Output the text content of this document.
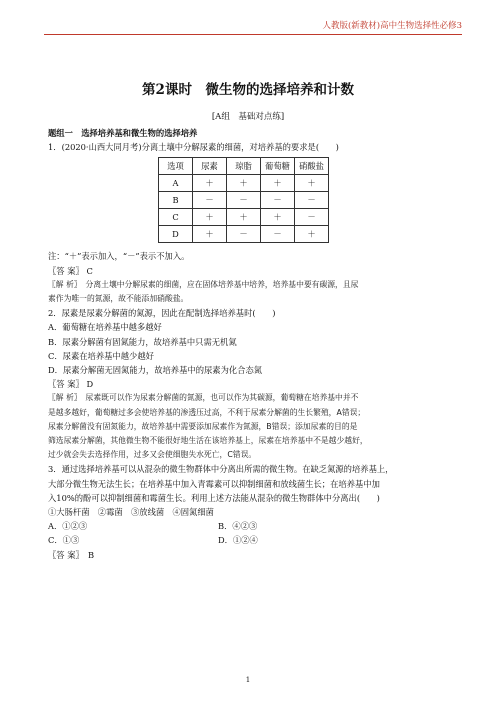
人教版(新教材)高中生物选择性必修3
第2课时　微生物的选择培养和计数
[A组　基础对点练]

题组一　选择培养基和微生物的选择培养

1．(2020·山西大同月考)分离土壤中分解尿素的细菌，对培养基的要求是(　　)

选项	尿素	琼脂	葡萄糖	硝酸盐
A	＋	＋	＋	＋
B	－	－	－	－
C	＋	＋	＋	－
D	＋	－	－	＋

注：“＋”表示加入，“－”表示不加入。

〖答 案〗 C

〖解 析〗　分离土壤中分解尿素的细菌，应在固体培养基中培养，培养基中要有碳源，且尿

素作为唯一的氮源，故不能添加硝酸盐。

2．尿素是尿素分解菌的氮源，因此在配制选择培养基时(　　)

A．葡萄糖在培养基中越多越好

B．尿素分解菌有固氮能力，故培养基中只需无机氮

C．尿素在培养基中越少越好

D．尿素分解菌无固氮能力，故培养基中的尿素为化合态氮

〖答 案〗 D

〖解 析〗　尿素既可以作为尿素分解菌的氮源，也可以作为其碳源，葡萄糖在培养基中并不

是越多越好，葡萄糖过多会使培养基的渗透压过高，不利于尿素分解菌的生长繁殖，A错误；

尿素分解菌没有固氮能力，故培养基中需要添加尿素作为氮源，B错误；添加尿素的目的是

筛选尿素分解菌，其他微生物不能很好地生活在该培养基上，尿素在培养基中不是越少越好，

过少就会失去选择作用，过多又会使细胞失水死亡，C错误。

3．通过选择培养基可以从混杂的微生物群体中分离出所需的微生物。在缺乏氮源的培养基上，

大部分微生物无法生长；在培养基中加入青霉素可以抑制细菌和放线菌生长；在培养基中加

入10%的酚可以抑制细菌和霉菌生长。利用上述方法能从混杂的微生物群体中分离出(　　)

①大肠杆菌　②霉菌　③放线菌　④固氮细菌

A．①②③	B．④②③
C．①③	D．①②④

〖答 案〗　B

1
